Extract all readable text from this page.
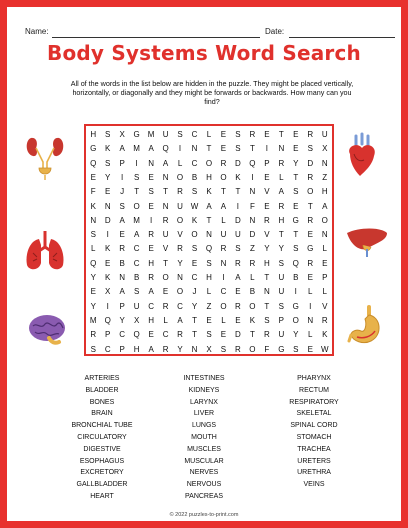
Name:	Date:
Body Systems Word Search
All of the words in the list below are hidden in the puzzle. They might be placed vertically, horizontally, or diagonally and they might be forwards or backwards. How many can you find?
H	S	X	G	M	U	S	C	L	E	S	R	E	T	E	R	U
G	K	A	M	A	Q	I	N	T	E	S	T	I	N	E	S	X
Q	S	P	I	N	A	L	C	O	R	D	Q	P	R	Y	D	N
E	Y	I	S	E	N	O	B	H	O	K	I	E	L	T	R	Z
F	E	J	T	S	T	R	S	K	T	T	N	V	A	S	O	H
K	N	S	O	E	N	U W	A	A	I	F	E	R	E	T	A
N	D	A	M	I	R	O	K	T	L	D	N	R	H	G	R	O
S	I	E	A	R	U	V	O	N	U	U	D	V	T	T	E	N
L	K	R	C	E	V	R	S	Q	R	S	Z	Y	Y	S	G	L
Q	E	B	C	H	T	Y	E	S	N	R	R	H	S	Q	R	E
Y	K	N	B	R	O	N	C	H	I	A	L	T	U	B	E	P
E	X	A	S	A	E	O	J	L	C	E	B	N	U	I	L	L
Y	I	P	U	C	R	C	Y	Z	O	R	O	T	S	G	I	V
M	Q	Y	X	H	L	A	T	E	L	E	K	S	P	O	N	R
R	P	C	Q	E	C	R	T	S	E	D	T	R	U	Y	L	K
S	C	P	H	A	R	Y	N	X	S	R	O	F	G	S	E	W
ARTERIES
BLADDER
BONES
BRAIN
BRONCHIAL TUBE
CIRCULATORY
DIGESTIVE
ESOPHAGUS
EXCRETORY
GALLBLADDER
HEART
INTESTINES
KIDNEYS
LARYNX
LIVER
LUNGS
MOUTH
MUSCLES
MUSCULAR
NERVES
NERVOUS
PANCREAS
PHARYNX
RECTUM
RESPIRATORY
SKELETAL
SPINAL CORD
STOMACH
TRACHEA
URETERS
URETHRA
VEINS
© 2022 puzzles-to-print.com
